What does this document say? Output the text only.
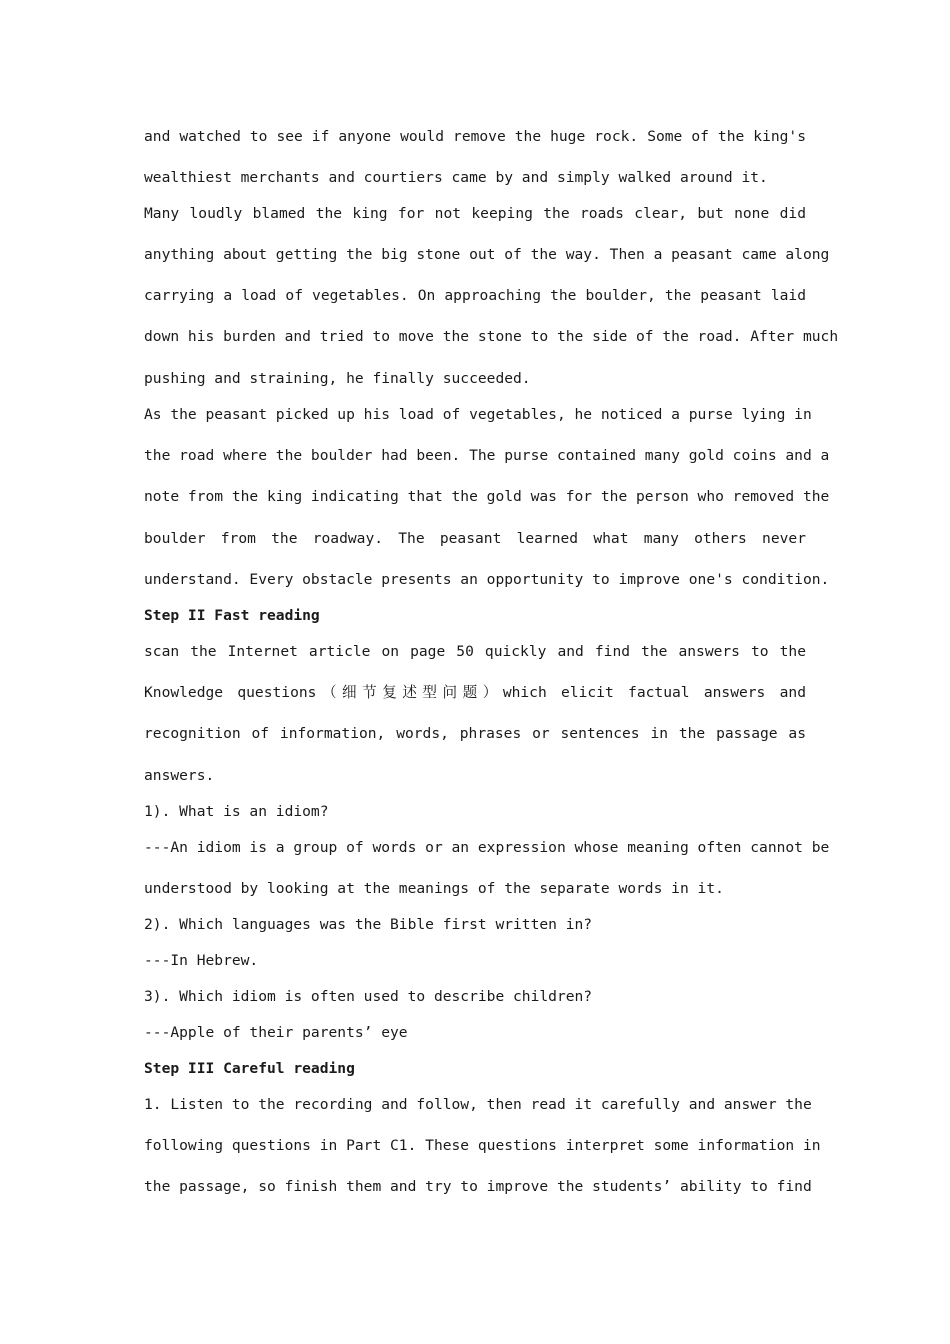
and watched to see if anyone would remove the huge rock. Some of the king's
wealthiest merchants and courtiers came by and simply walked around it.
Many loudly blamed the king for not keeping the roads clear, but none did
anything about getting the big stone out of the way. Then a peasant came along
carrying a load of vegetables. On approaching the boulder, the peasant laid
down his burden and tried to move the stone to the side of the road. After much
pushing and straining, he finally succeeded.
As the peasant picked up his load of vegetables, he noticed a purse lying in
the road where the boulder had been. The purse contained many gold coins and a
note from the king indicating that the gold was for the person who removed the
boulder from the roadway. The peasant learned what many others never
understand. Every obstacle presents an opportunity to improve one's condition.
Step II Fast reading
scan the Internet article on page 50 quickly and find the answers to the
Knowledge questions（细节复述型问题）which elicit factual answers and
recognition of information, words, phrases or sentences in the passage as
answers.
1). What is an idiom?
---An idiom is a group of words or an expression whose meaning often cannot be
understood by looking at the meanings of the separate words in it.
2). Which languages was the Bible first written in?
---In Hebrew.
3). Which idiom is often used to describe children?
---Apple of their parents’ eye
Step III Careful reading
1. Listen to the recording and follow, then read it carefully and answer the
following questions in Part C1. These questions interpret some information in
the passage, so finish them and try to improve the students’ ability to find
